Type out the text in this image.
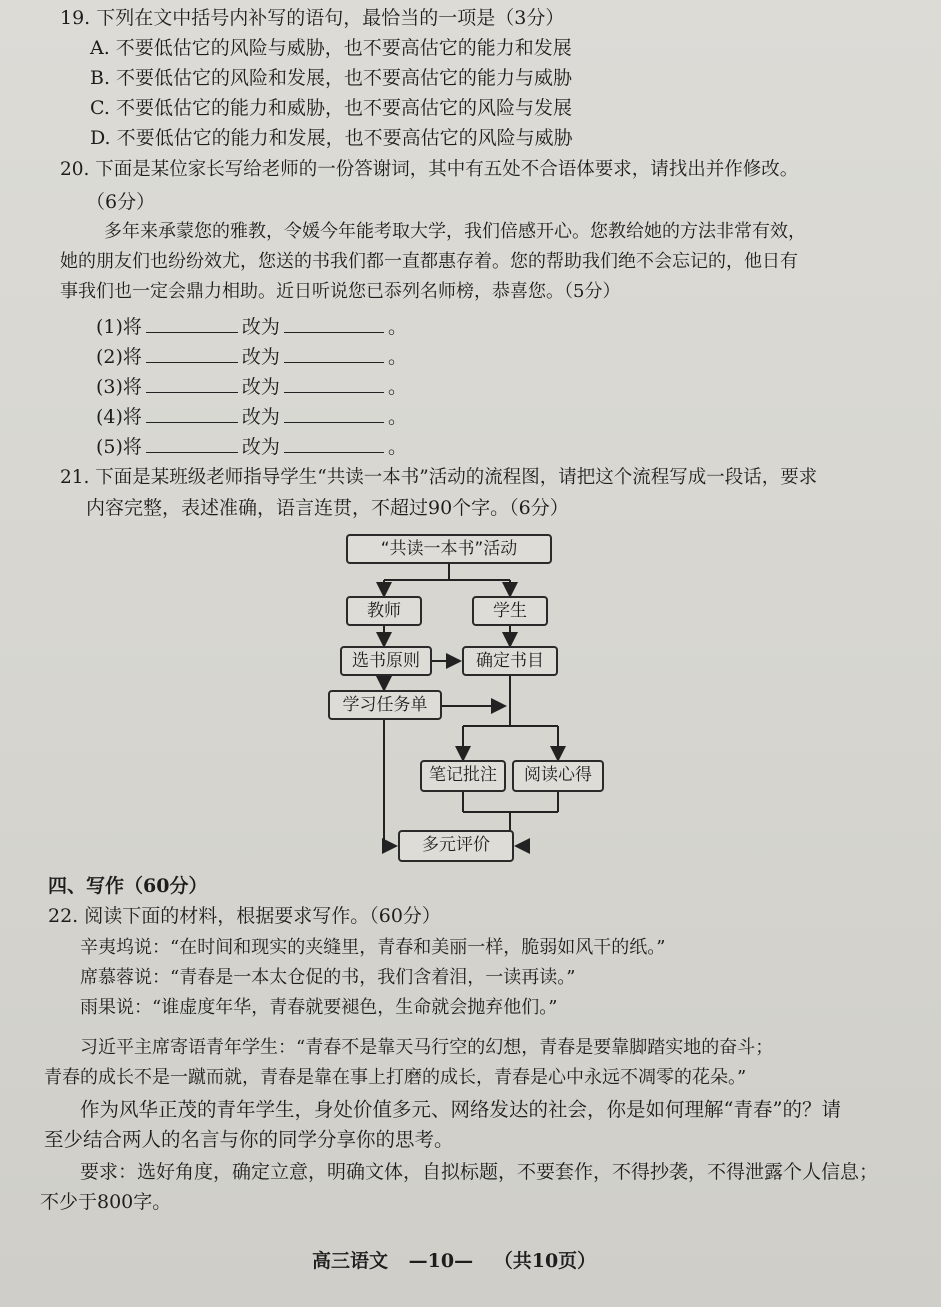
19. 下列在文中括号内补写的语句，最恰当的一项是（3分）
A. 不要低估它的风险与威胁，也不要高估它的能力和发展
B. 不要低估它的风险和发展，也不要高估它的能力与威胁
C. 不要低估它的能力和威胁，也不要高估它的风险与发展
D. 不要低估它的能力和发展，也不要高估它的风险与威胁
20. 下面是某位家长写给老师的一份答谢词，其中有五处不合语体要求，请找出并作修改。
（6分）
多年来承蒙您的雅教，令媛今年能考取大学，我们倍感开心。您教给她的方法非常有效，
她的朋友们也纷纷效尤，您送的书我们都一直都惠存着。您的帮助我们绝不会忘记的，他日有
事我们也一定会鼎力相助。近日听说您已忝列名师榜，恭喜您。（5分）
(1)将	改为	。
(2)将	改为	。
(3)将	改为	。
(4)将	改为	。
(5)将	改为	。
21. 下面是某班级老师指导学生“共读一本书”活动的流程图，请把这个流程写成一段话，要求
内容完整，表述准确，语言连贯，不超过90个字。（6分）
“共读一本书”活动
教师	学生
选书原则	确定书目
学习任务单
笔记批注	阅读心得
多元评价
四、写作（60分）
22. 阅读下面的材料，根据要求写作。（60分）
辛夷坞说：“在时间和现实的夹缝里，青春和美丽一样，脆弱如风干的纸。”
席慕蓉说：“青春是一本太仓促的书，我们含着泪，一读再读。”
雨果说：“谁虚度年华，青春就要褪色，生命就会抛弃他们。”
习近平主席寄语青年学生：“青春不是靠天马行空的幻想，青春是要靠脚踏实地的奋斗；
青春的成长不是一蹴而就，青春是靠在事上打磨的成长，青春是心中永远不凋零的花朵。”
作为风华正茂的青年学生，身处价值多元、网络发达的社会，你是如何理解“青春”的？请
至少结合两人的名言与你的同学分享你的思考。
要求：选好角度，确定立意，明确文体，自拟标题，不要套作，不得抄袭，不得泄露个人信息；
不少于800字。
高三语文 —10— （共10页）
